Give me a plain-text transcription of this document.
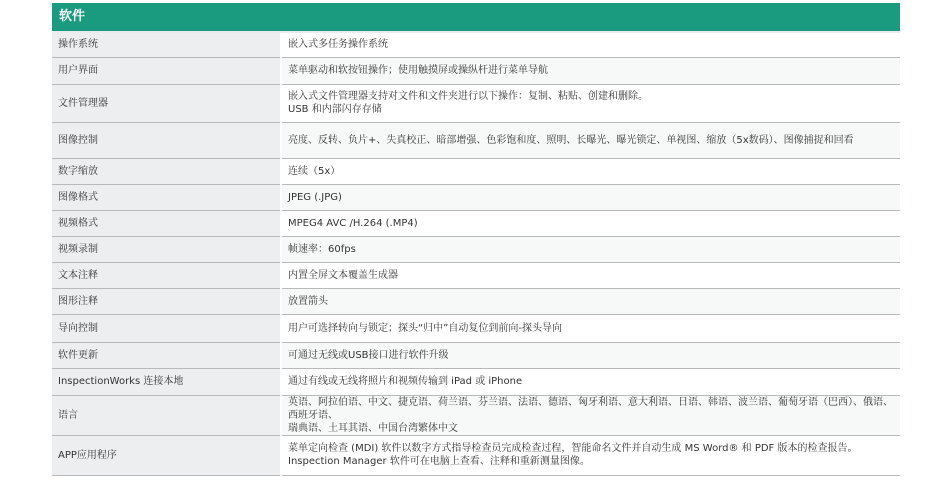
软件
操作系统	嵌入式多任务操作系统
用户界面	菜单驱动和软按钮操作；使用触摸屏或操纵杆进行菜单导航
文件管理器	嵌入式文件管理器支持对文件和文件夹进行以下操作：复制、粘贴、创建和删除。
USB 和内部闪存存储

图像控制	亮度、反转、负片+、失真校正、暗部增强、色彩饱和度、照明、长曝光、曝光锁定、单视图、缩放（5x数码）、图像捕捉和回看
数字缩放	连续（5x）
图像格式	JPEG (.JPG)
视频格式	MPEG4 AVC /H.264 (.MP4)
视频录制	帧速率：60fps
文本注释	内置全屏文本覆盖生成器
图形注释	放置箭头
导向控制	用户可选择转向与锁定；探头“归中”自动复位到前向-探头导向
软件更新	可通过无线或USB接口进行软件升级
InspectionWorks 连接本地	通过有线或无线将照片和视频传输到 iPad 或 iPhone
语言	英语、阿拉伯语、中文、捷克语、荷兰语、芬兰语、法语、德语、匈牙利语、意大利语、日语、韩语、波兰语、葡萄牙语（巴西）、俄语、西班牙语、
瑞典语、土耳其语、中国台湾繁体中文

APP应用程序	菜单定向检查 (MDI) 软件以数字方式指导检查员完成检查过程，智能命名文件并自动生成 MS Word® 和 PDF 版本的检查报告。
Inspection Manager 软件可在电脑上查看、注释和重新测量图像。
